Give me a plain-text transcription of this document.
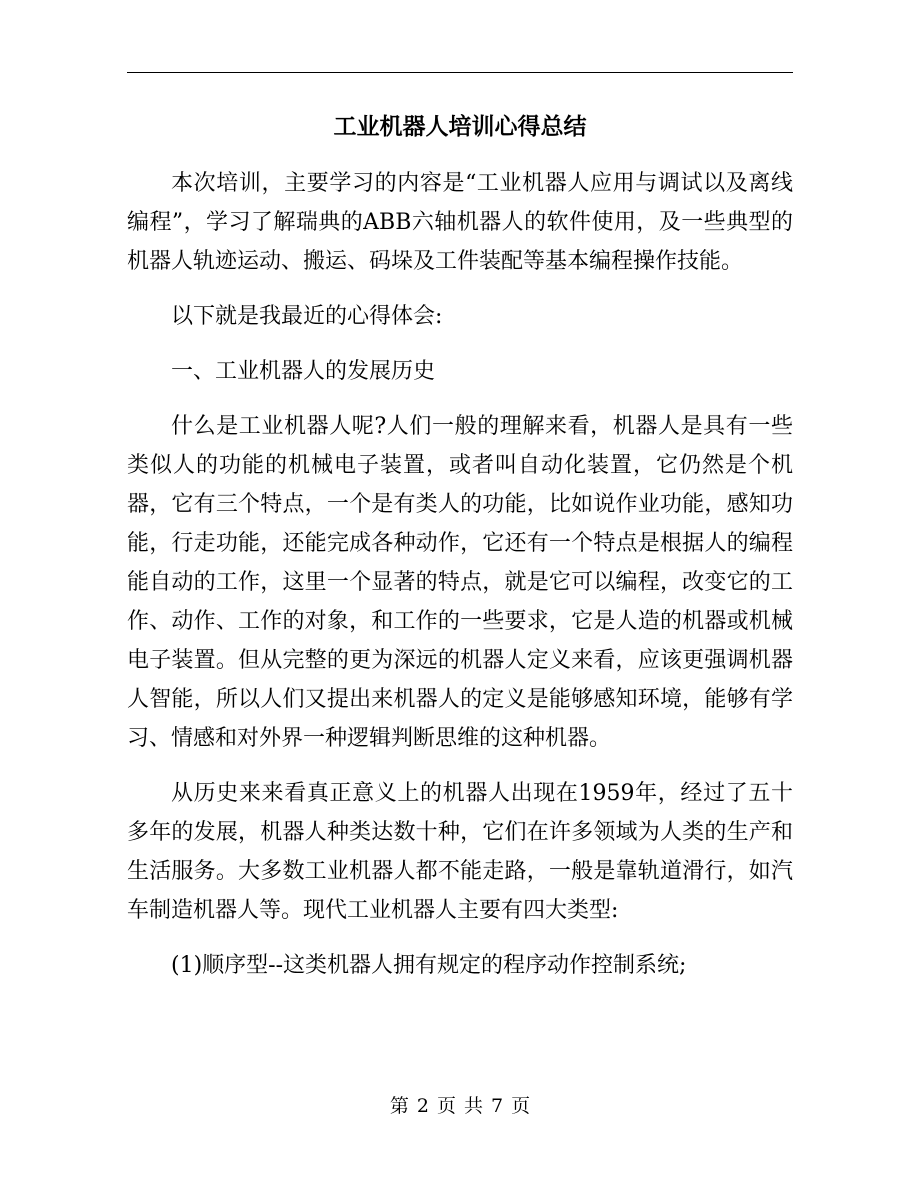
工业机器人培训心得总结

本次培训，主要学习的内容是“工业机器人应用与调试以及离线编程”，学习了解瑞典的ABB六轴机器人的软件使用，及一些典型的机器人轨迹运动、搬运、码垛及工件装配等基本编程操作技能。

以下就是我最近的心得体会:

一、工业机器人的发展历史

什么是工业机器人呢?人们一般的理解来看，机器人是具有一些类似人的功能的机械电子装置，或者叫自动化装置，它仍然是个机器，它有三个特点，一个是有类人的功能，比如说作业功能，感知功能，行走功能，还能完成各种动作，它还有一个特点是根据人的编程能自动的工作，这里一个显著的特点，就是它可以编程，改变它的工作、动作、工作的对象，和工作的一些要求，它是人造的机器或机械电子装置。但从完整的更为深远的机器人定义来看，应该更强调机器人智能，所以人们又提出来机器人的定义是能够感知环境，能够有学习、情感和对外界一种逻辑判断思维的这种机器。

从历史来来看真正意义上的机器人出现在1959年，经过了五十多年的发展，机器人种类达数十种，它们在许多领域为人类的生产和生活服务。大多数工业机器人都不能走路，一般是靠轨道滑行，如汽车制造机器人等。现代工业机器人主要有四大类型:

(1)顺序型--这类机器人拥有规定的程序动作控制系统;

第 2 页 共 7 页
